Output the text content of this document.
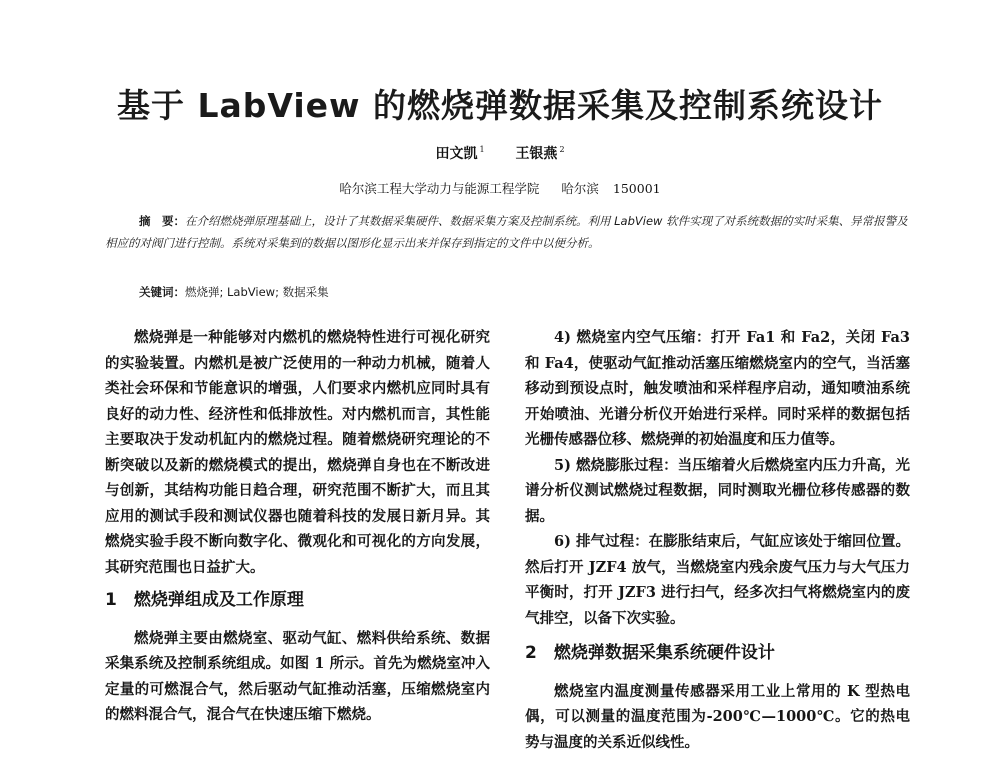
基于 LabView 的燃烧弹数据采集及控制系统设计
田文凯 $^1$ 王银燕 $^2$
哈尔滨工程大学动力与能源工程学院 哈尔滨 150001
摘　要：在介绍燃烧弹原理基础上，设计了其数据采集硬件、数据采集方案及控制系统。利用 LabView 软件实现了对系统数据的实时采集、异常报警及相应的对阀门进行控制。系统对采集到的数据以图形化显示出来并保存到指定的文件中以便分析。
关键词：燃烧弹; LabView; 数据采集

燃烧弹是一种能够对内燃机的燃烧特性进行可视化研究的实验装置。内燃机是被广泛使用的一种动力机械，随着人类社会环保和节能意识的增强，人们要求内燃机应同时具有良好的动力性、经济性和低排放性。对内燃机而言，其性能主要取决于发动机缸内的燃烧过程。随着燃烧研究理论的不断突破以及新的燃烧模式的提出，燃烧弹自身也在不断改进与创新，其结构功能日趋合理，研究范围不断扩大，而且其应用的测试手段和测试仪器也随着科技的发展日新月异。其燃烧实验手段不断向数字化、微观化和可视化的方向发展，其研究范围也日益扩大。

1　燃烧弹组成及工作原理

燃烧弹主要由燃烧室、驱动气缸、燃料供给系统、数据采集系统及控制系统组成。如图 1 所示。首先为燃烧室冲入定量的可燃混合气，然后驱动气缸推动活塞，压缩燃烧室内的燃料混合气，混合气在快速压缩下燃烧。

4) 燃烧室内空气压缩：打开 Fa1 和 Fa2，关闭 Fa3 和 Fa4，使驱动气缸推动活塞压缩燃烧室内的空气，当活塞移动到预设点时，触发喷油和采样程序启动，通知喷油系统开始喷油、光谱分析仪开始进行采样。同时采样的数据包括光栅传感器位移、燃烧弹的初始温度和压力值等。

5) 燃烧膨胀过程：当压缩着火后燃烧室内压力升高，光谱分析仪测试燃烧过程数据，同时测取光栅位移传感器的数据。

6) 排气过程：在膨胀结束后，气缸应该处于缩回位置。然后打开 JZF4 放气，当燃烧室内残余废气压力与大气压力平衡时，打开 JZF3 进行扫气，经多次扫气将燃烧室内的废气排空，以备下次实验。

2　燃烧弹数据采集系统硬件设计

燃烧室内温度测量传感器采用工业上常用的 K 型热电偶，可以测量的温度范围为-200℃—1000℃。它的热电势与温度的关系近似线性。
